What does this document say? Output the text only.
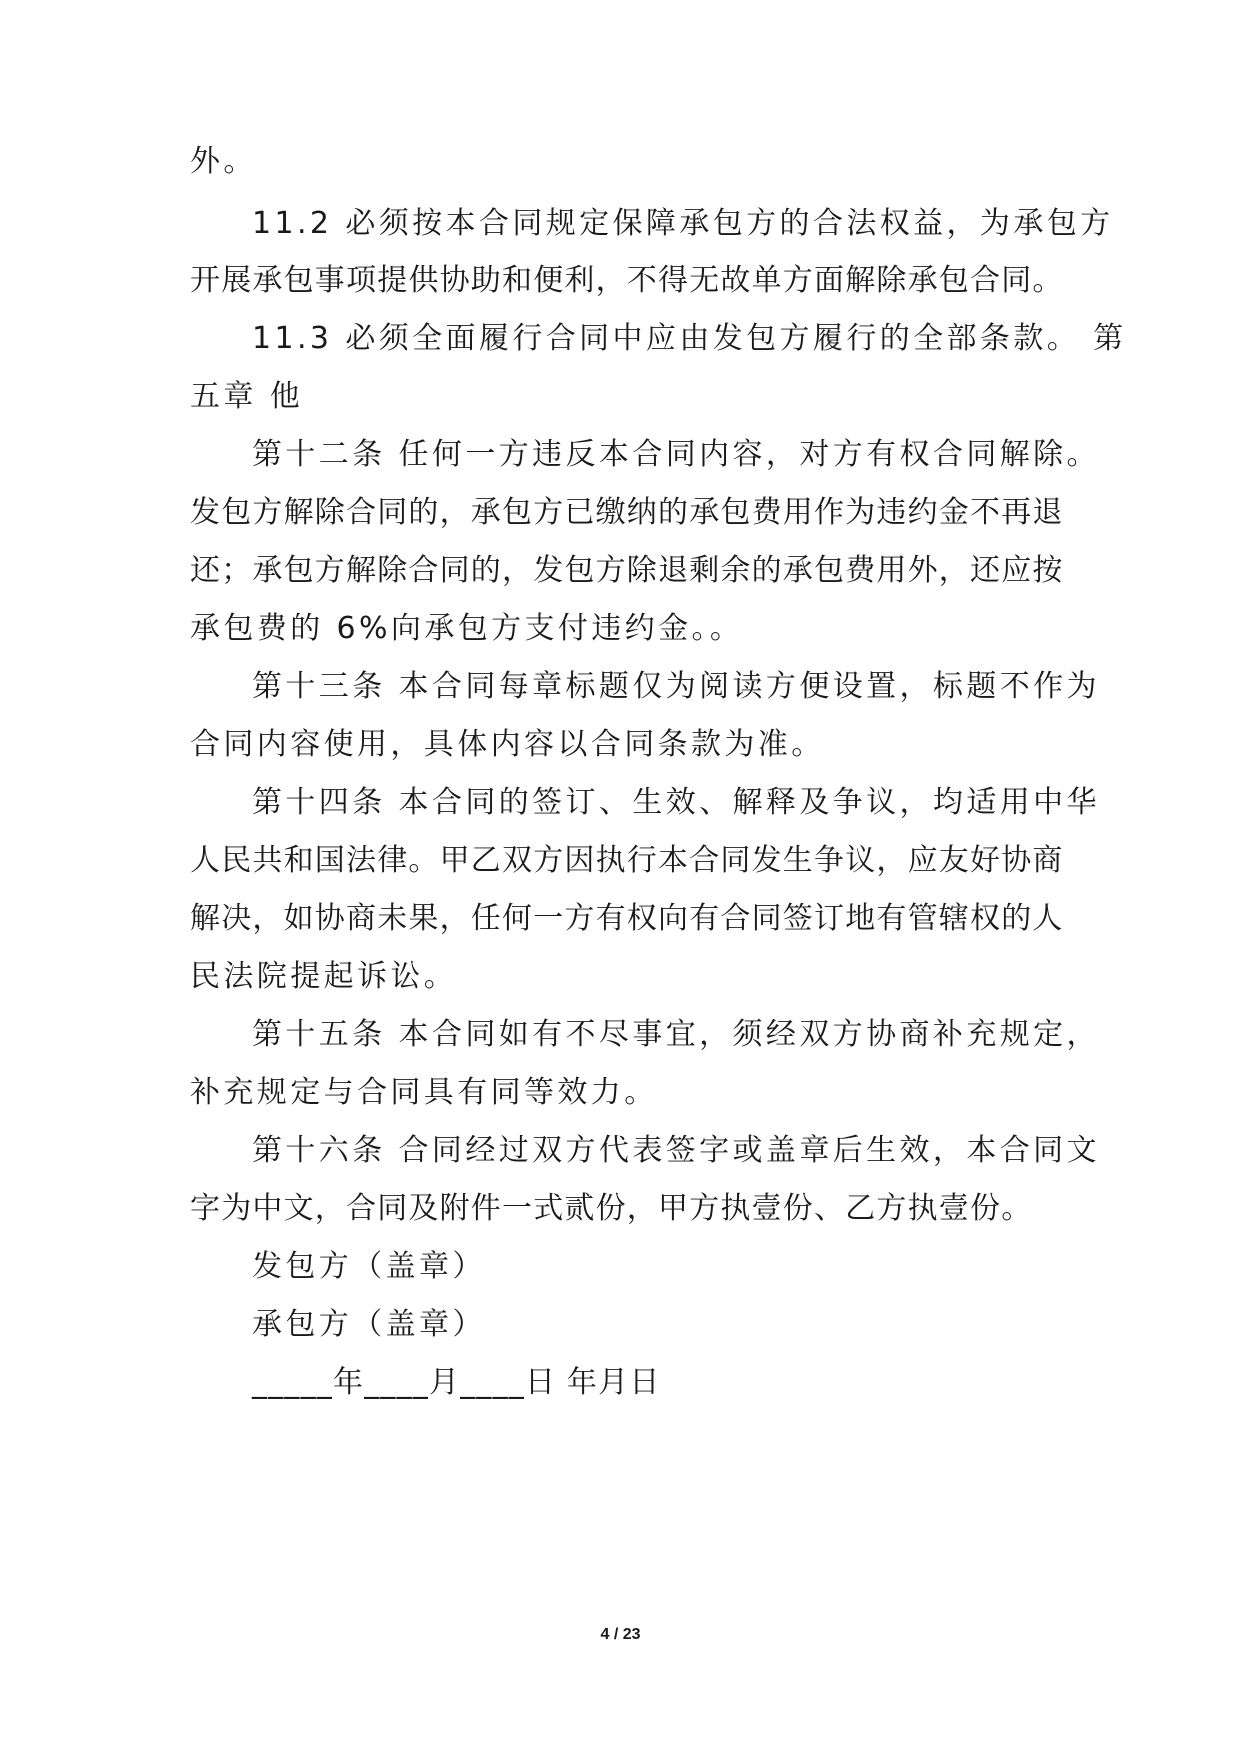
外。
11.2 必须按本合同规定保障承包方的合法权益，为承包方
开展承包事项提供协助和便利，不得无故单方面解除承包合同。
11.3 必须全面履行合同中应由发包方履行的全部条款。 第
五章 他
第十二条 任何一方违反本合同内容，对方有权合同解除。
发包方解除合同的，承包方已缴纳的承包费用作为违约金不再退
还；承包方解除合同的，发包方除退剩余的承包费用外，还应按
承包费的 6%向承包方支付违约金。。
第十三条 本合同每章标题仅为阅读方便设置，标题不作为
合同内容使用，具体内容以合同条款为准。
第十四条 本合同的签订、生效、解释及争议，均适用中华
人民共和国法律。甲乙双方因执行本合同发生争议，应友好协商
解决，如协商未果，任何一方有权向有合同签订地有管辖权的人
民法院提起诉讼。
第十五条 本合同如有不尽事宜，须经双方协商补充规定，
补充规定与合同具有同等效力。
第十六条 合同经过双方代表签字或盖章后生效，本合同文
字为中文，合同及附件一式贰份，甲方执壹份、乙方执壹份。
发包方（盖章）
承包方（盖章）
_____年____月____日 年月日
4 / 23
